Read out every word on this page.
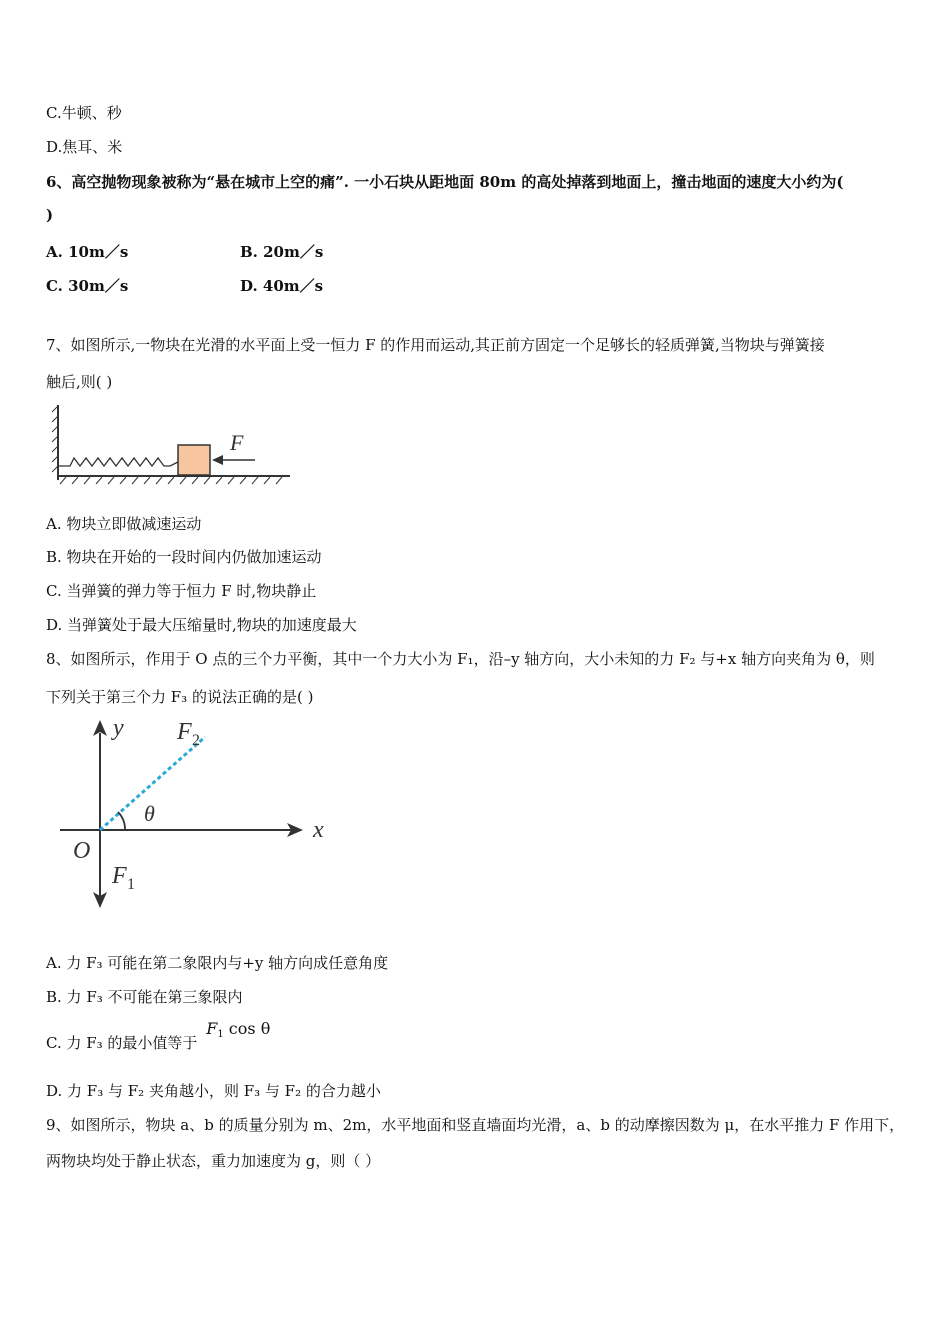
C.牛顿、秒
D.焦耳、米
6、高空抛物现象被称为“悬在城市上空的痛”. 一小石块从距地面 80m 的高处掉落到地面上，撞击地面的速度大小约为(
)
A. 10m／s	B. 20m／s
C. 30m／s	D. 40m／s
7、如图所示,一物块在光滑的水平面上受一恒力 F 的作用而运动,其正前方固定一个足够长的轻质弹簧,当物块与弹簧接
触后,则( )
F
A. 物块立即做减速运动
B. 物块在开始的一段时间内仍做加速运动
C. 当弹簧的弹力等于恒力 F 时,物块静止
D. 当弹簧处于最大压缩量时,物块的加速度最大
8、如图所示，作用于 O 点的三个力平衡，其中一个力大小为 F₁，沿–y 轴方向，大小未知的力 F₂ 与+x 轴方向夹角为 θ，则
下列关于第三个力 F₃ 的说法正确的是( )
y
x
O
θ
F 2
F 1
A. 力 F₃ 可能在第二象限内与+y 轴方向成任意角度
B. 力 F₃ 不可能在第三象限内
C. 力 F₃ 的最小值等于 $F_1$ cos θ
D. 力 F₃ 与 F₂ 夹角越小，则 F₃ 与 F₂ 的合力越小
9、如图所示，物块 a、b 的质量分别为 m、2m，水平地面和竖直墙面均光滑，a、b 的动摩擦因数为 μ，在水平推力 F 作用下，
两物块均处于静止状态，重力加速度为 g，则（ ）
